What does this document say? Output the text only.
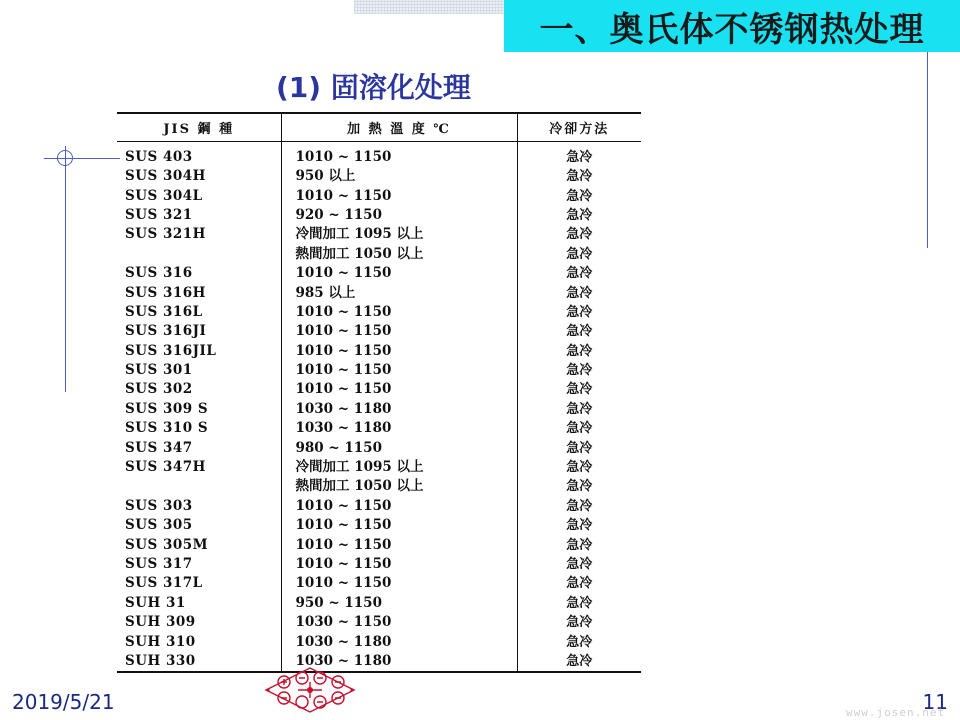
一、奥氏体不锈钢热处理
(1) 固溶化处理
JIS 鋼 種	加 熱 溫 度 ℃	冷卻方法
SUS 403	1010 ~ 1150	急冷
SUS 304H	950 以上	急冷
SUS 304L	1010 ~ 1150	急冷
SUS 321	920 ~ 1150	急冷
SUS 321H	冷間加工 1095 以上	急冷
	熱間加工 1050 以上	急冷
SUS 316	1010 ~ 1150	急冷
SUS 316H	985 以上	急冷
SUS 316L	1010 ~ 1150	急冷
SUS 316JI	1010 ~ 1150	急冷
SUS 316JIL	1010 ~ 1150	急冷
SUS 301	1010 ~ 1150	急冷
SUS 302	1010 ~ 1150	急冷
SUS 309 S	1030 ~ 1180	急冷
SUS 310 S	1030 ~ 1180	急冷
SUS 347	980 ~ 1150	急冷
SUS 347H	冷間加工 1095 以上	急冷
	熱間加工 1050 以上	急冷
SUS 303	1010 ~ 1150	急冷
SUS 305	1010 ~ 1150	急冷
SUS 305M	1010 ~ 1150	急冷
SUS 317	1010 ~ 1150	急冷
SUS 317L	1010 ~ 1150	急冷
SUH 31	950 ~ 1150	急冷
SUH 309	1030 ~ 1150	急冷
SUH 310	1030 ~ 1180	急冷
SUH 330	1030 ~ 1180	急冷
2019/5/21	11
www.josen.net
